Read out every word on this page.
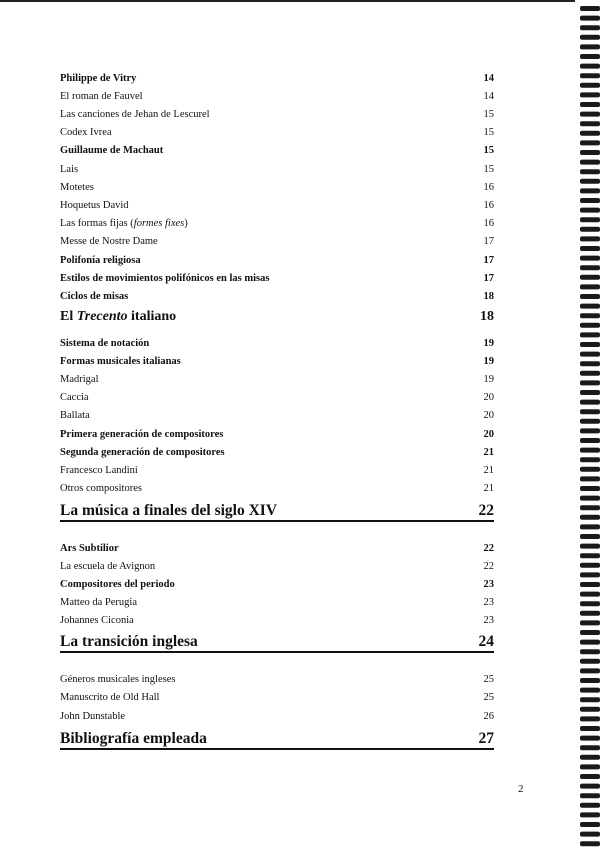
Philippe de Vitry	14
El roman de Fauvel	14
Las canciones de Jehan de Lescurel	15
Codex Ivrea	15
Guillaume de Machaut	15
Lais	15
Motetes	16
Hoquetus David	16
Las formas fijas (formes fixes)	16
Messe de Nostre Dame	17
Polifonía religiosa	17
Estilos de movimientos polifónicos en las misas	17
Ciclos de misas	18
El Trecento italiano	18
Sistema de notación	19
Formas musicales italianas	19
Madrigal	19
Caccia	20
Ballata	20
Primera generación de compositores	20
Segunda generación de compositores	21
Francesco Landini	21
Otros compositores	21
La música a finales del siglo XIV	22
Ars Subtilior	22
La escuela de Avignon	22
Compositores del periodo	23
Matteo da Perugia	23
Johannes Ciconia	23
La transición inglesa	24
Géneros musicales ingleses	25
Manuscrito de Old Hall	25
John Dunstable	26
Bibliografía empleada	27
2
